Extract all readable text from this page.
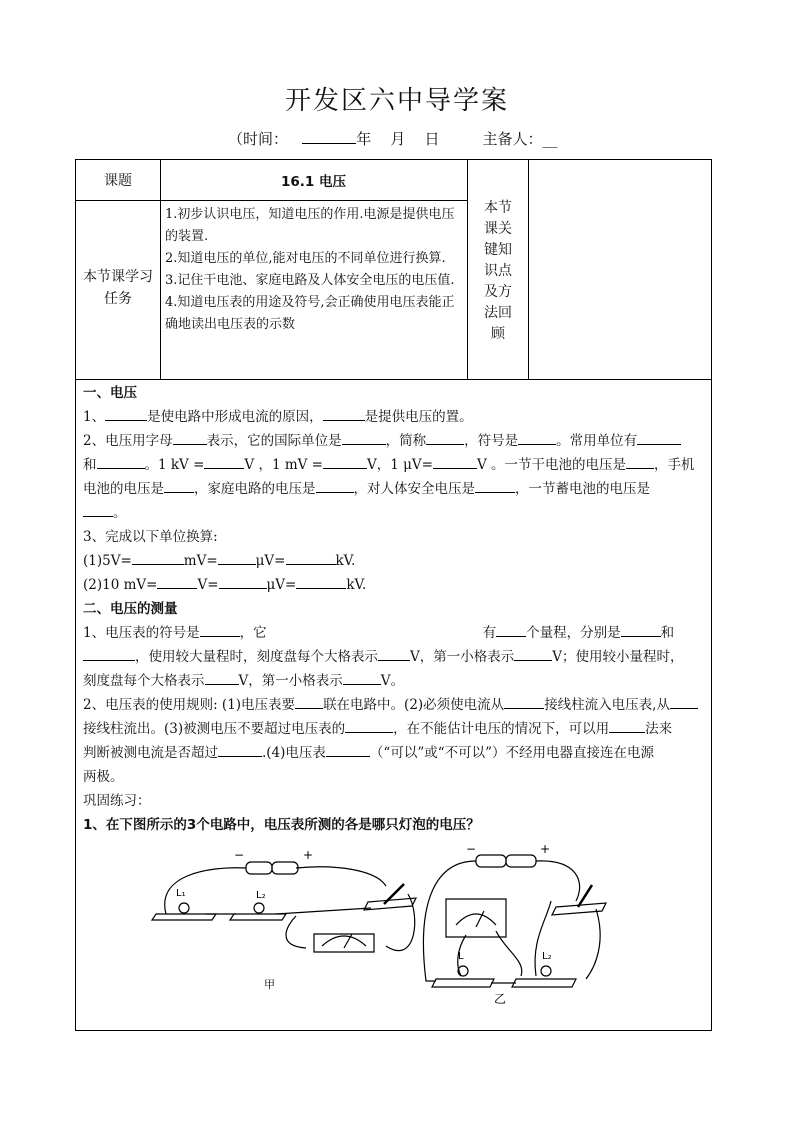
开发区六中导学案
（时间：	年 月 日	主备人：__
课题	16.1 电压
本节课学习任务
1.初步认识电压，知道电压的作用.电源是提供电压的装置.
2.知道电压的单位,能对电压的不同单位进行换算.
3.记住干电池、家庭电路及人体安全电压的电压值.
4.知道电压表的用途及符号,会正确使用电压表能正确地读出电压表的示数
本节课关键知识点及方法回顾

一、电压

1、	是使电路中形成电流的原因，	是提供电压的置。

2、电压用字母	表示，它的国际单位是	，简称	，符号是	。常用单位有
和	。1 kV =	V ，1 mV =	V，1 μV=	V 。一节干电池的电压是 ，手机电池的电压是 ，家庭电路的电压是	，对人体安全电压是	，一节蓄电池的电压是
。

3、完成以下单位换算:

(1)5V=	mV=	μV=	kV.

(2)10 mV=	V=	μV=	kV.

二、电压的测量

1、电压表的符号是	，它	有 个量程，分别是	和
，使用较大量程时，刻度盘每个大格表示 V，第一小格表示	V；使用较小量程时，
刻度盘每个大格表示	V，第一小格表示	V。

2、电压表的使用规则: (1)电压表要 联在电路中。(2)必须使电流从	接线柱流入电压表,从
接线柱流出。(3)被测电压不要超过电压表的	，在不能估计电压的情况下，可以用	法来
判断被测电流是否超过	.(4)电压表	（“可以”或“不可以”）不经用电器直接连在电源
两极。

巩固练习：

1、在下图所示的3个电路中，电压表所测的各是哪只灯泡的电压？

−	+
L₁	L₂
甲
−	+
L	L₂
乙
